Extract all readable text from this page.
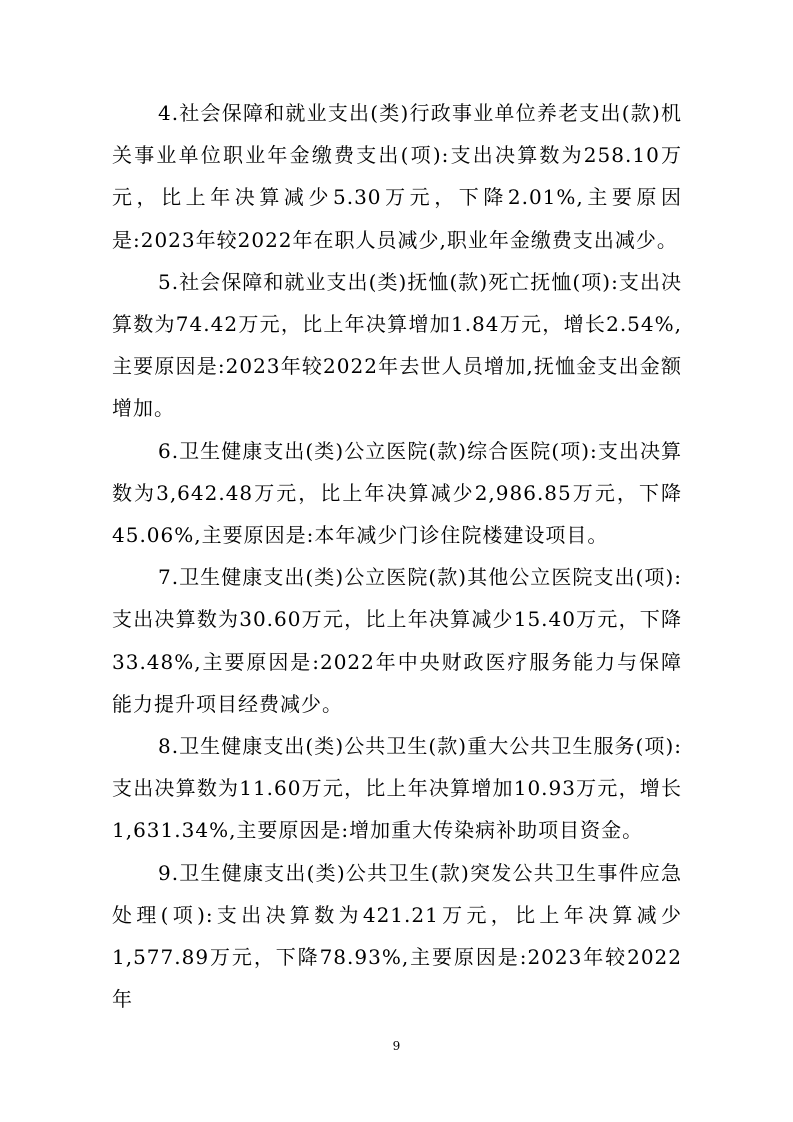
4.社会保障和就业支出(类)行政事业单位养老支出(款)机关事业单位职业年金缴费支出(项):支出决算数为258.10万元，比上年决算减少5.30万元，下降2.01%,主要原因是:2023年较2022年在职人员减少,职业年金缴费支出减少。

5.社会保障和就业支出(类)抚恤(款)死亡抚恤(项):支出决算数为74.42万元，比上年决算增加1.84万元，增长2.54%,主要原因是:2023年较2022年去世人员增加,抚恤金支出金额增加。

6.卫生健康支出(类)公立医院(款)综合医院(项):支出决算数为3,642.48万元，比上年决算减少2,986.85万元，下降45.06%,主要原因是:本年减少门诊住院楼建设项目。

7.卫生健康支出(类)公立医院(款)其他公立医院支出(项):支出决算数为30.60万元，比上年决算减少15.40万元，下降33.48%,主要原因是:2022年中央财政医疗服务能力与保障能力提升项目经费减少。

8.卫生健康支出(类)公共卫生(款)重大公共卫生服务(项):支出决算数为11.60万元，比上年决算增加10.93万元，增长1,631.34%,主要原因是:增加重大传染病补助项目资金。

9.卫生健康支出(类)公共卫生(款)突发公共卫生事件应急处理(项):支出决算数为421.21万元，比上年决算减少1,577.89万元，下降78.93%,主要原因是:2023年较2022年

9
